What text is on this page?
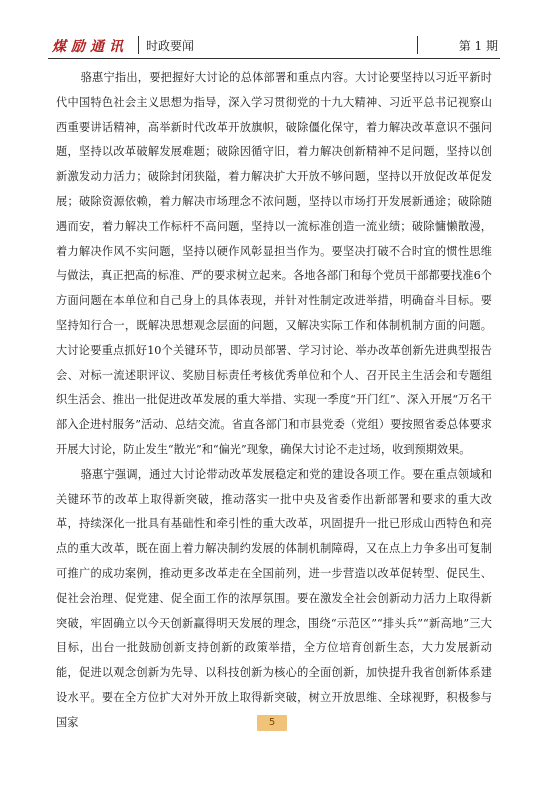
煤励通讯 时政要闻	第 1 期

骆惠宁指出，要把握好大讨论的总体部署和重点内容。大讨论要坚持以习近平新时代中国特色社会主义思想为指导，深入学习贯彻党的十九大精神、习近平总书记视察山西重要讲话精神，高举新时代改革开放旗帜，破除僵化保守，着力解决改革意识不强问题，坚持以改革破解发展难题；破除因循守旧，着力解决创新精神不足问题，坚持以创新激发动力活力；破除封闭狭隘，着力解决扩大开放不够问题，坚持以开放促改革促发展；破除资源依赖，着力解决市场理念不浓问题，坚持以市场打开发展新通途；破除随遇而安，着力解决工作标杆不高问题，坚持以一流标准创造一流业绩；破除慵懒散漫，着力解决作风不实问题，坚持以硬作风彰显担当作为。要坚决打破不合时宜的惯性思维与做法，真正把高的标准、严的要求树立起来。各地各部门和每个党员干部都要找准6个方面问题在本单位和自己身上的具体表现，并针对性制定改进举措，明确奋斗目标。要坚持知行合一，既解决思想观念层面的问题，又解决实际工作和体制机制方面的问题。大讨论要重点抓好10个关键环节，即动员部署、学习讨论、举办改革创新先进典型报告会、对标一流述职评议、奖励目标责任考核优秀单位和个人、召开民主生活会和专题组织生活会、推出一批促进改革发展的重大举措、实现一季度“开门红”、深入开展“万名干部入企进村服务”活动、总结交流。省直各部门和市县党委（党组）要按照省委总体要求开展大讨论，防止发生“散光”和“偏光”现象，确保大讨论不走过场，收到预期效果。

骆惠宁强调，通过大讨论带动改革发展稳定和党的建设各项工作。要在重点领域和关键环节的改革上取得新突破，推动落实一批中央及省委作出新部署和要求的重大改革，持续深化一批具有基础性和牵引性的重大改革，巩固提升一批已形成山西特色和亮点的重大改革，既在面上着力解决制约发展的体制机制障碍，又在点上力争多出可复制可推广的成功案例，推动更多改革走在全国前列，进一步营造以改革促转型、促民生、促社会治理、促党建、促全面工作的浓厚氛围。要在激发全社会创新动力活力上取得新突破，牢固确立以今天创新赢得明天发展的理念，围绕“示范区”“排头兵”“新高地”三大目标，出台一批鼓励创新支持创新的政策举措，全方位培育创新生态，大力发展新动能，促进以观念创新为先导、以科技创新为核心的全面创新，加快提升我省创新体系建设水平。要在全方位扩大对外开放上取得新突破，树立开放思维、全球视野，积极参与国家	5
